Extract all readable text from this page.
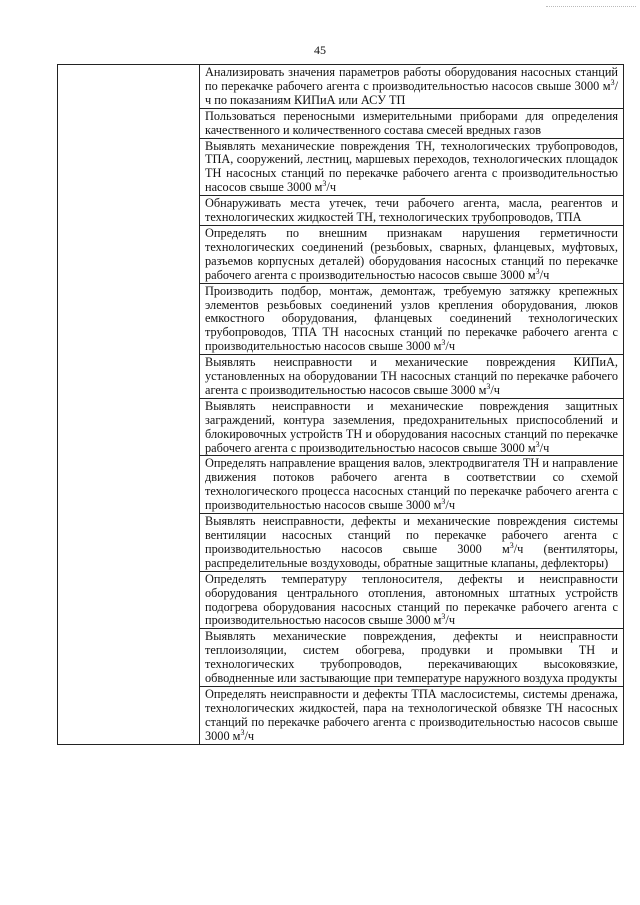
45

Анализировать значения параметров работы оборудования насосных станций по перекачке рабочего агента с производительностью насосов свыше 3000 $м^3/ч$ по показаниям КИПиА или АСУ ТП

Пользоваться переносными измерительными приборами для определения качественного и количественного состава смесей вредных газов

Выявлять механические повреждения ТН, технологических трубопроводов, ТПА, сооружений, лестниц, маршевых переходов, технологических площадок ТН насосных станций по перекачке рабочего агента с производительностью насосов свыше 3000 $м^3/ч$

Обнаруживать места утечек, течи рабочего агента, масла, реагентов и технологических жидкостей ТН, технологических трубопроводов, ТПА

Определять по внешним признакам нарушения герметичности технологических соединений (резьбовых, сварных, фланцевых, муфтовых, разъемов корпусных деталей) оборудования насосных станций по перекачке рабочего агента с производительностью насосов свыше 3000 $м^3/ч$

Производить подбор, монтаж, демонтаж, требуемую затяжку крепежных элементов резьбовых соединений узлов крепления оборудования, люков емкостного оборудования, фланцевых соединений технологических трубопроводов, ТПА ТН насосных станций по перекачке рабочего агента с производительностью насосов свыше 3000 $м^3/ч$

Выявлять неисправности и механические повреждения КИПиА, установленных на оборудовании ТН насосных станций по перекачке рабочего агента с производительностью насосов свыше 3000 $м^3/ч$

Выявлять неисправности и механические повреждения защитных заграждений, контура заземления, предохранительных приспособлений и блокировочных устройств ТН и оборудования насосных станций по перекачке рабочего агента с производительностью насосов свыше 3000 $м^3/ч$

Определять направление вращения валов, электродвигателя ТН и направление движения потоков рабочего агента в соответствии со схемой технологического процесса насосных станций по перекачке рабочего агента с производительностью насосов свыше 3000 $м^3/ч$

Выявлять неисправности, дефекты и механические повреждения системы вентиляции насосных станций по перекачке рабочего агента с производительностью насосов свыше 3000 $м^3/ч$ (вентиляторы, распределительные воздуховоды, обратные защитные клапаны, дефлекторы)

Определять температуру теплоносителя, дефекты и неисправности оборудования центрального отопления, автономных штатных устройств подогрева оборудования насосных станций по перекачке рабочего агента с производительностью насосов свыше 3000 $м^3/ч$

Выявлять механические повреждения, дефекты и неисправности теплоизоляции, систем обогрева, продувки и промывки ТН и технологических трубопроводов, перекачивающих высоковязкие, обводненные или застывающие при температуре наружного воздуха продукты

Определять неисправности и дефекты ТПА маслосистемы, системы дренажа, технологических жидкостей, пара на технологической обвязке ТН насосных станций по перекачке рабочего агента с производительностью насосов свыше 3000 $м^3/ч$
